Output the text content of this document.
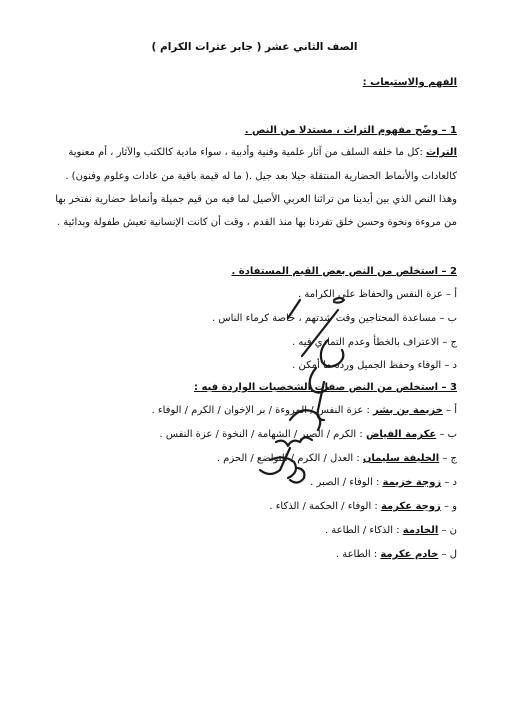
الصف الثاني عشر ( جابر عثرات الكرام )
الفهم والاستيعاب :
1 – وضّح مفهوم التراث ، مستدلا من النص .
التراث :كل ما خلفه السلف من آثار علمية وفنية وأدبية ، سواء مادية كالكتب والآثار ، أم معنوية
كالعادات والأنماط الحضارية المنتقلة جيلا بعد جيل .( ما له قيمة باقية من عادات وعلوم وفنون) .
وهذا النص الذي بين أيدينا من تراثنا العربي الأصيل لما فيه من قيم جميلة وأنماط حضارية نفتخر بها
من مروءة ونخوة وحسن خلق تفردنا بها منذ القدم ، وقت أن كانت الإنسانية تعيش طفولة وبدائية .
2 – استخلص من النص بعض القيم المستفادة .
أ – عزة النفس والحفاظ على الكرامة .
ب – مساعدة المحتاجين وقت شدتهم ، خاصة كرماء الناس .
ج – الاعتراف بالخطأ وعدم التمادي فيه .
د – الوفاء وحفظ الجميل ورده ما أمكن .
3 – استخلص من النص صفات الشخصيات الواردة فيه :
أ – خزيمة بن بشر : عزة النفس / المروءة / بر الإخوان / الكرم / الوفاء .
ب – عكرمة الفياض : الكرم / الصبر / الشهامة / النخوة / عزة النفس .
ج – الخليفة سليمان : العدل / الكرم / التواضع / الحزم .
د – زوجة خزيمة : الوفاء / الصبر .
و – زوجة عكرمة : الوفاء / الحكمة / الذكاء .
ن – الخادمة : الذكاء / الطاعة .
ل – خادم عكرمة : الطاعة .
